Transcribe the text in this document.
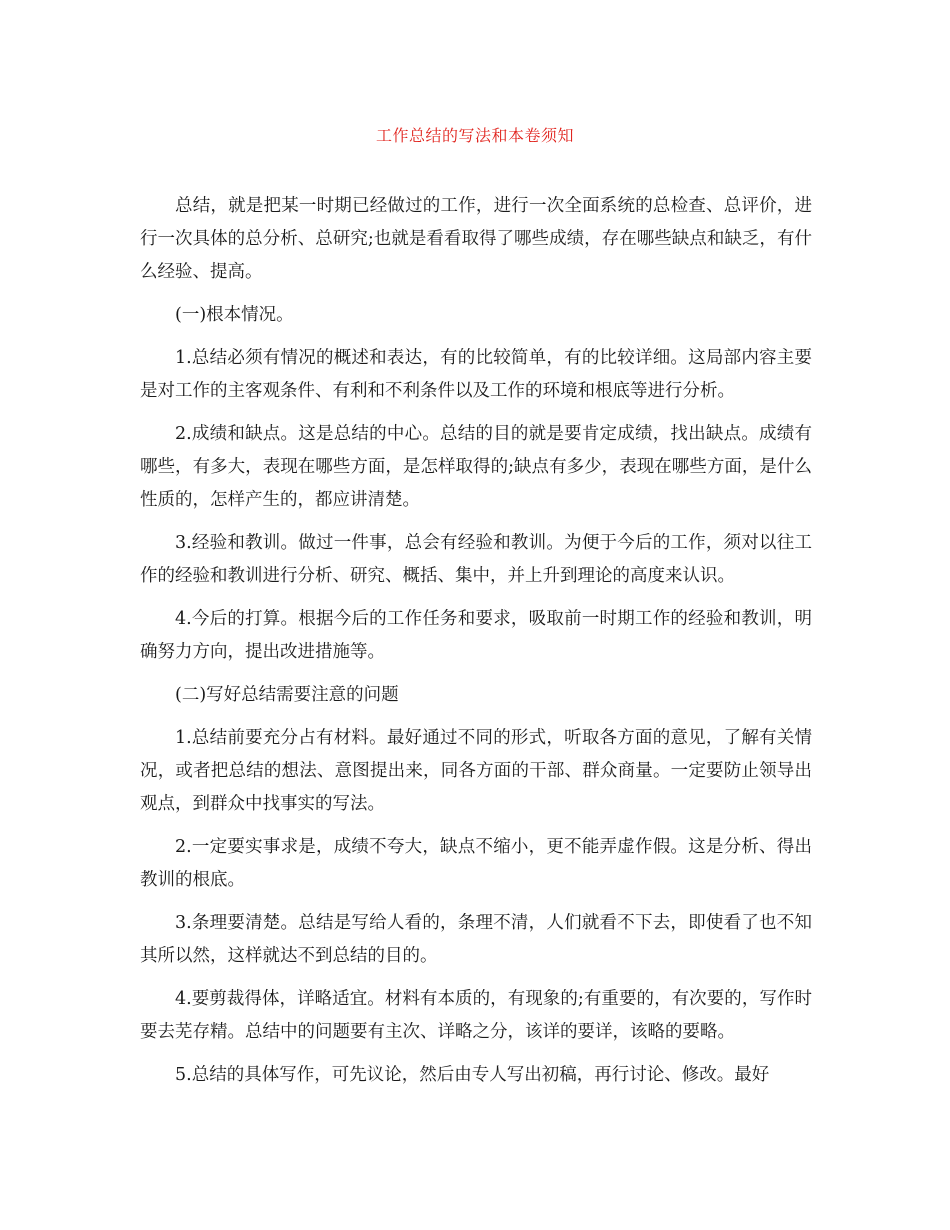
工作总结的写法和本卷须知

总结，就是把某一时期已经做过的工作，进行一次全面系统的总检查、总评价，进行一次具体的总分析、总研究;也就是看看取得了哪些成绩，存在哪些缺点和缺乏，有什么经验、提高。

(一)根本情况。

1.总结必须有情况的概述和表达，有的比较简单，有的比较详细。这局部内容主要是对工作的主客观条件、有利和不利条件以及工作的环境和根底等进行分析。

2.成绩和缺点。这是总结的中心。总结的目的就是要肯定成绩，找出缺点。成绩有哪些，有多大，表现在哪些方面，是怎样取得的;缺点有多少，表现在哪些方面，是什么性质的，怎样产生的，都应讲清楚。

3.经验和教训。做过一件事，总会有经验和教训。为便于今后的工作，须对以往工作的经验和教训进行分析、研究、概括、集中，并上升到理论的高度来认识。

4.今后的打算。根据今后的工作任务和要求，吸取前一时期工作的经验和教训，明确努力方向，提出改进措施等。

(二)写好总结需要注意的问题

1.总结前要充分占有材料。最好通过不同的形式，听取各方面的意见，了解有关情况，或者把总结的想法、意图提出来，同各方面的干部、群众商量。一定要防止领导出观点，到群众中找事实的写法。

2.一定要实事求是，成绩不夸大，缺点不缩小，更不能弄虚作假。这是分析、得出教训的根底。

3.条理要清楚。总结是写给人看的，条理不清，人们就看不下去，即使看了也不知其所以然，这样就达不到总结的目的。

4.要剪裁得体，详略适宜。材料有本质的，有现象的;有重要的，有次要的，写作时要去芜存精。总结中的问题要有主次、详略之分，该详的要详，该略的要略。

5.总结的具体写作，可先议论，然后由专人写出初稿，再行讨论、修改。最好
